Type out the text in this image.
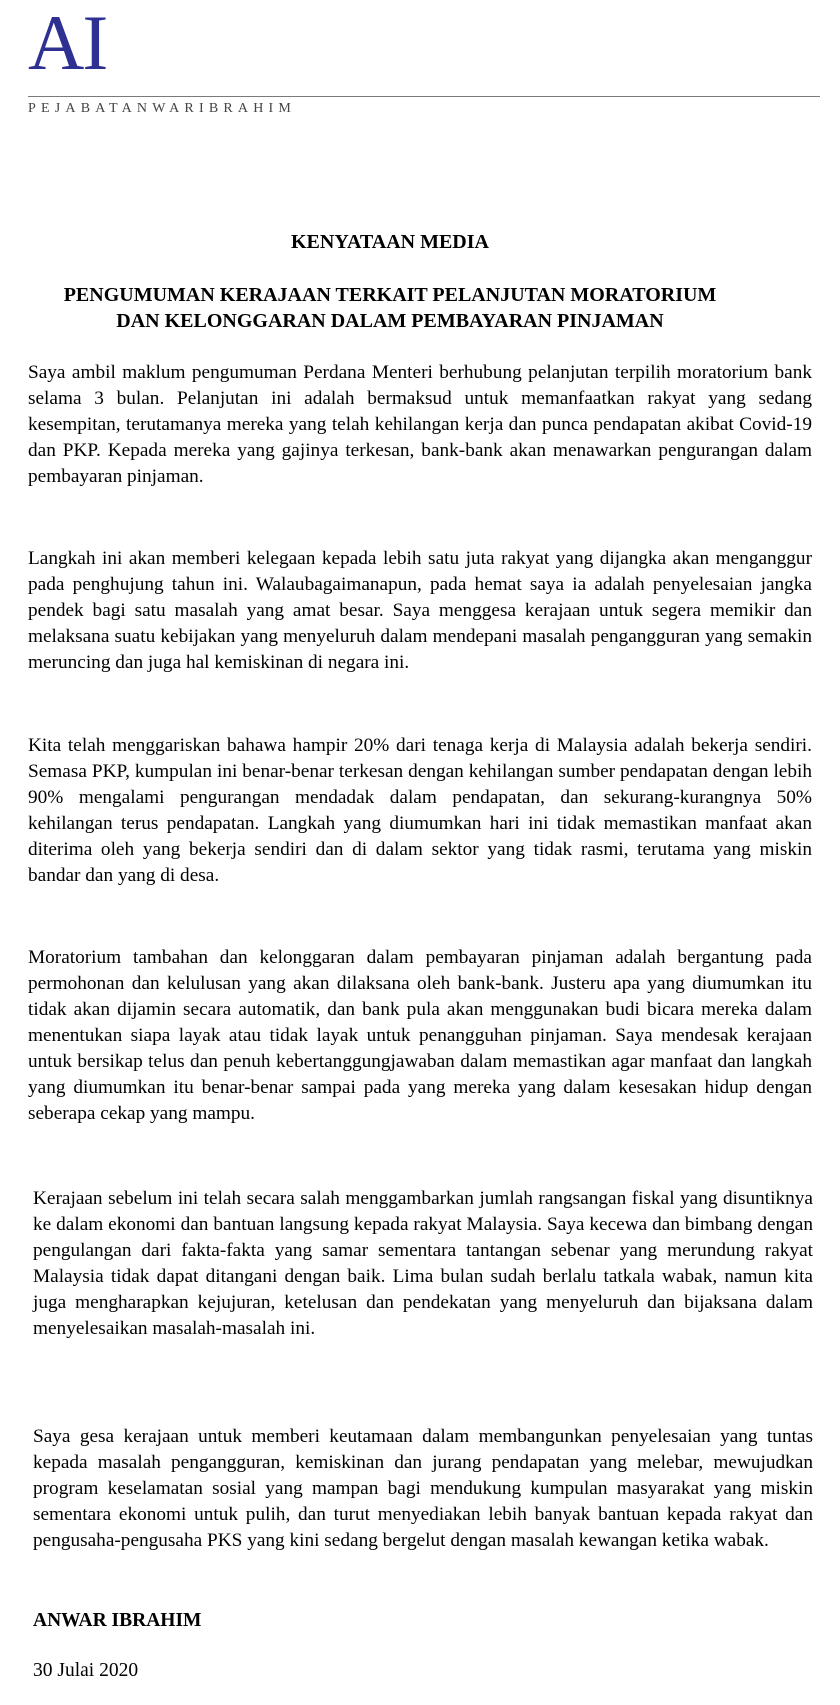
AI
PEJABATANWARIBRAHIM
KENYATAAN MEDIA
PENGUMUMAN KERAJAAN TERKAIT PELANJUTAN MORATORIUM
DAN KELONGGARAN DALAM PEMBAYARAN PINJAMAN

Saya ambil maklum pengumuman Perdana Menteri berhubung pelanjutan terpilih moratorium bank selama 3 bulan. Pelanjutan ini adalah bermaksud untuk memanfaatkan rakyat yang sedang kesempitan, terutamanya mereka yang telah kehilangan kerja dan punca pendapatan akibat Covid-19 dan PKP. Kepada mereka yang gajinya terkesan, bank-bank akan menawarkan pengurangan dalam pembayaran pinjaman.

Langkah ini akan memberi kelegaan kepada lebih satu juta rakyat yang dijangka akan menganggur pada penghujung tahun ini. Walaubagaimanapun, pada hemat saya ia adalah penyelesaian jangka pendek bagi satu masalah yang amat besar. Saya menggesa kerajaan untuk segera memikir dan melaksana suatu kebijakan yang menyeluruh dalam mendepani masalah pengangguran yang semakin meruncing dan juga hal kemiskinan di negara ini.

Kita telah menggariskan bahawa hampir 20% dari tenaga kerja di Malaysia adalah bekerja sendiri. Semasa PKP, kumpulan ini benar-benar terkesan dengan kehilangan sumber pendapatan dengan lebih 90% mengalami pengurangan mendadak dalam pendapatan, dan sekurang-kurangnya 50% kehilangan terus pendapatan. Langkah yang diumumkan hari ini tidak memastikan manfaat akan diterima oleh yang bekerja sendiri dan di dalam sektor yang tidak rasmi, terutama yang miskin bandar dan yang di desa.

Moratorium tambahan dan kelonggaran dalam pembayaran pinjaman adalah bergantung pada permohonan dan kelulusan yang akan dilaksana oleh bank-bank. Justeru apa yang diumumkan itu tidak akan dijamin secara automatik, dan bank pula akan menggunakan budi bicara mereka dalam menentukan siapa layak atau tidak layak untuk penangguhan pinjaman. Saya mendesak kerajaan untuk bersikap telus dan penuh kebertanggungjawaban dalam memastikan agar manfaat dan langkah yang diumumkan itu benar-benar sampai pada yang mereka yang dalam kesesakan hidup dengan seberapa cekap yang mampu.

Kerajaan sebelum ini telah secara salah menggambarkan jumlah rangsangan fiskal yang disuntiknya ke dalam ekonomi dan bantuan langsung kepada rakyat Malaysia. Saya kecewa dan bimbang dengan pengulangan dari fakta-fakta yang samar sementara tantangan sebenar yang merundung rakyat Malaysia tidak dapat ditangani dengan baik. Lima bulan sudah berlalu tatkala wabak, namun kita juga mengharapkan kejujuran, ketelusan dan pendekatan yang menyeluruh dan bijaksana dalam menyelesaikan masalah-masalah ini.

Saya gesa kerajaan untuk memberi keutamaan dalam membangunkan penyelesaian yang tuntas kepada masalah pengangguran, kemiskinan dan jurang pendapatan yang melebar, mewujudkan program keselamatan sosial yang mampan bagi mendukung kumpulan masyarakat yang miskin sementara ekonomi untuk pulih, dan turut menyediakan lebih banyak bantuan kepada rakyat dan pengusaha-pengusaha PKS yang kini sedang bergelut dengan masalah kewangan ketika wabak.

ANWAR IBRAHIM
30 Julai 2020
